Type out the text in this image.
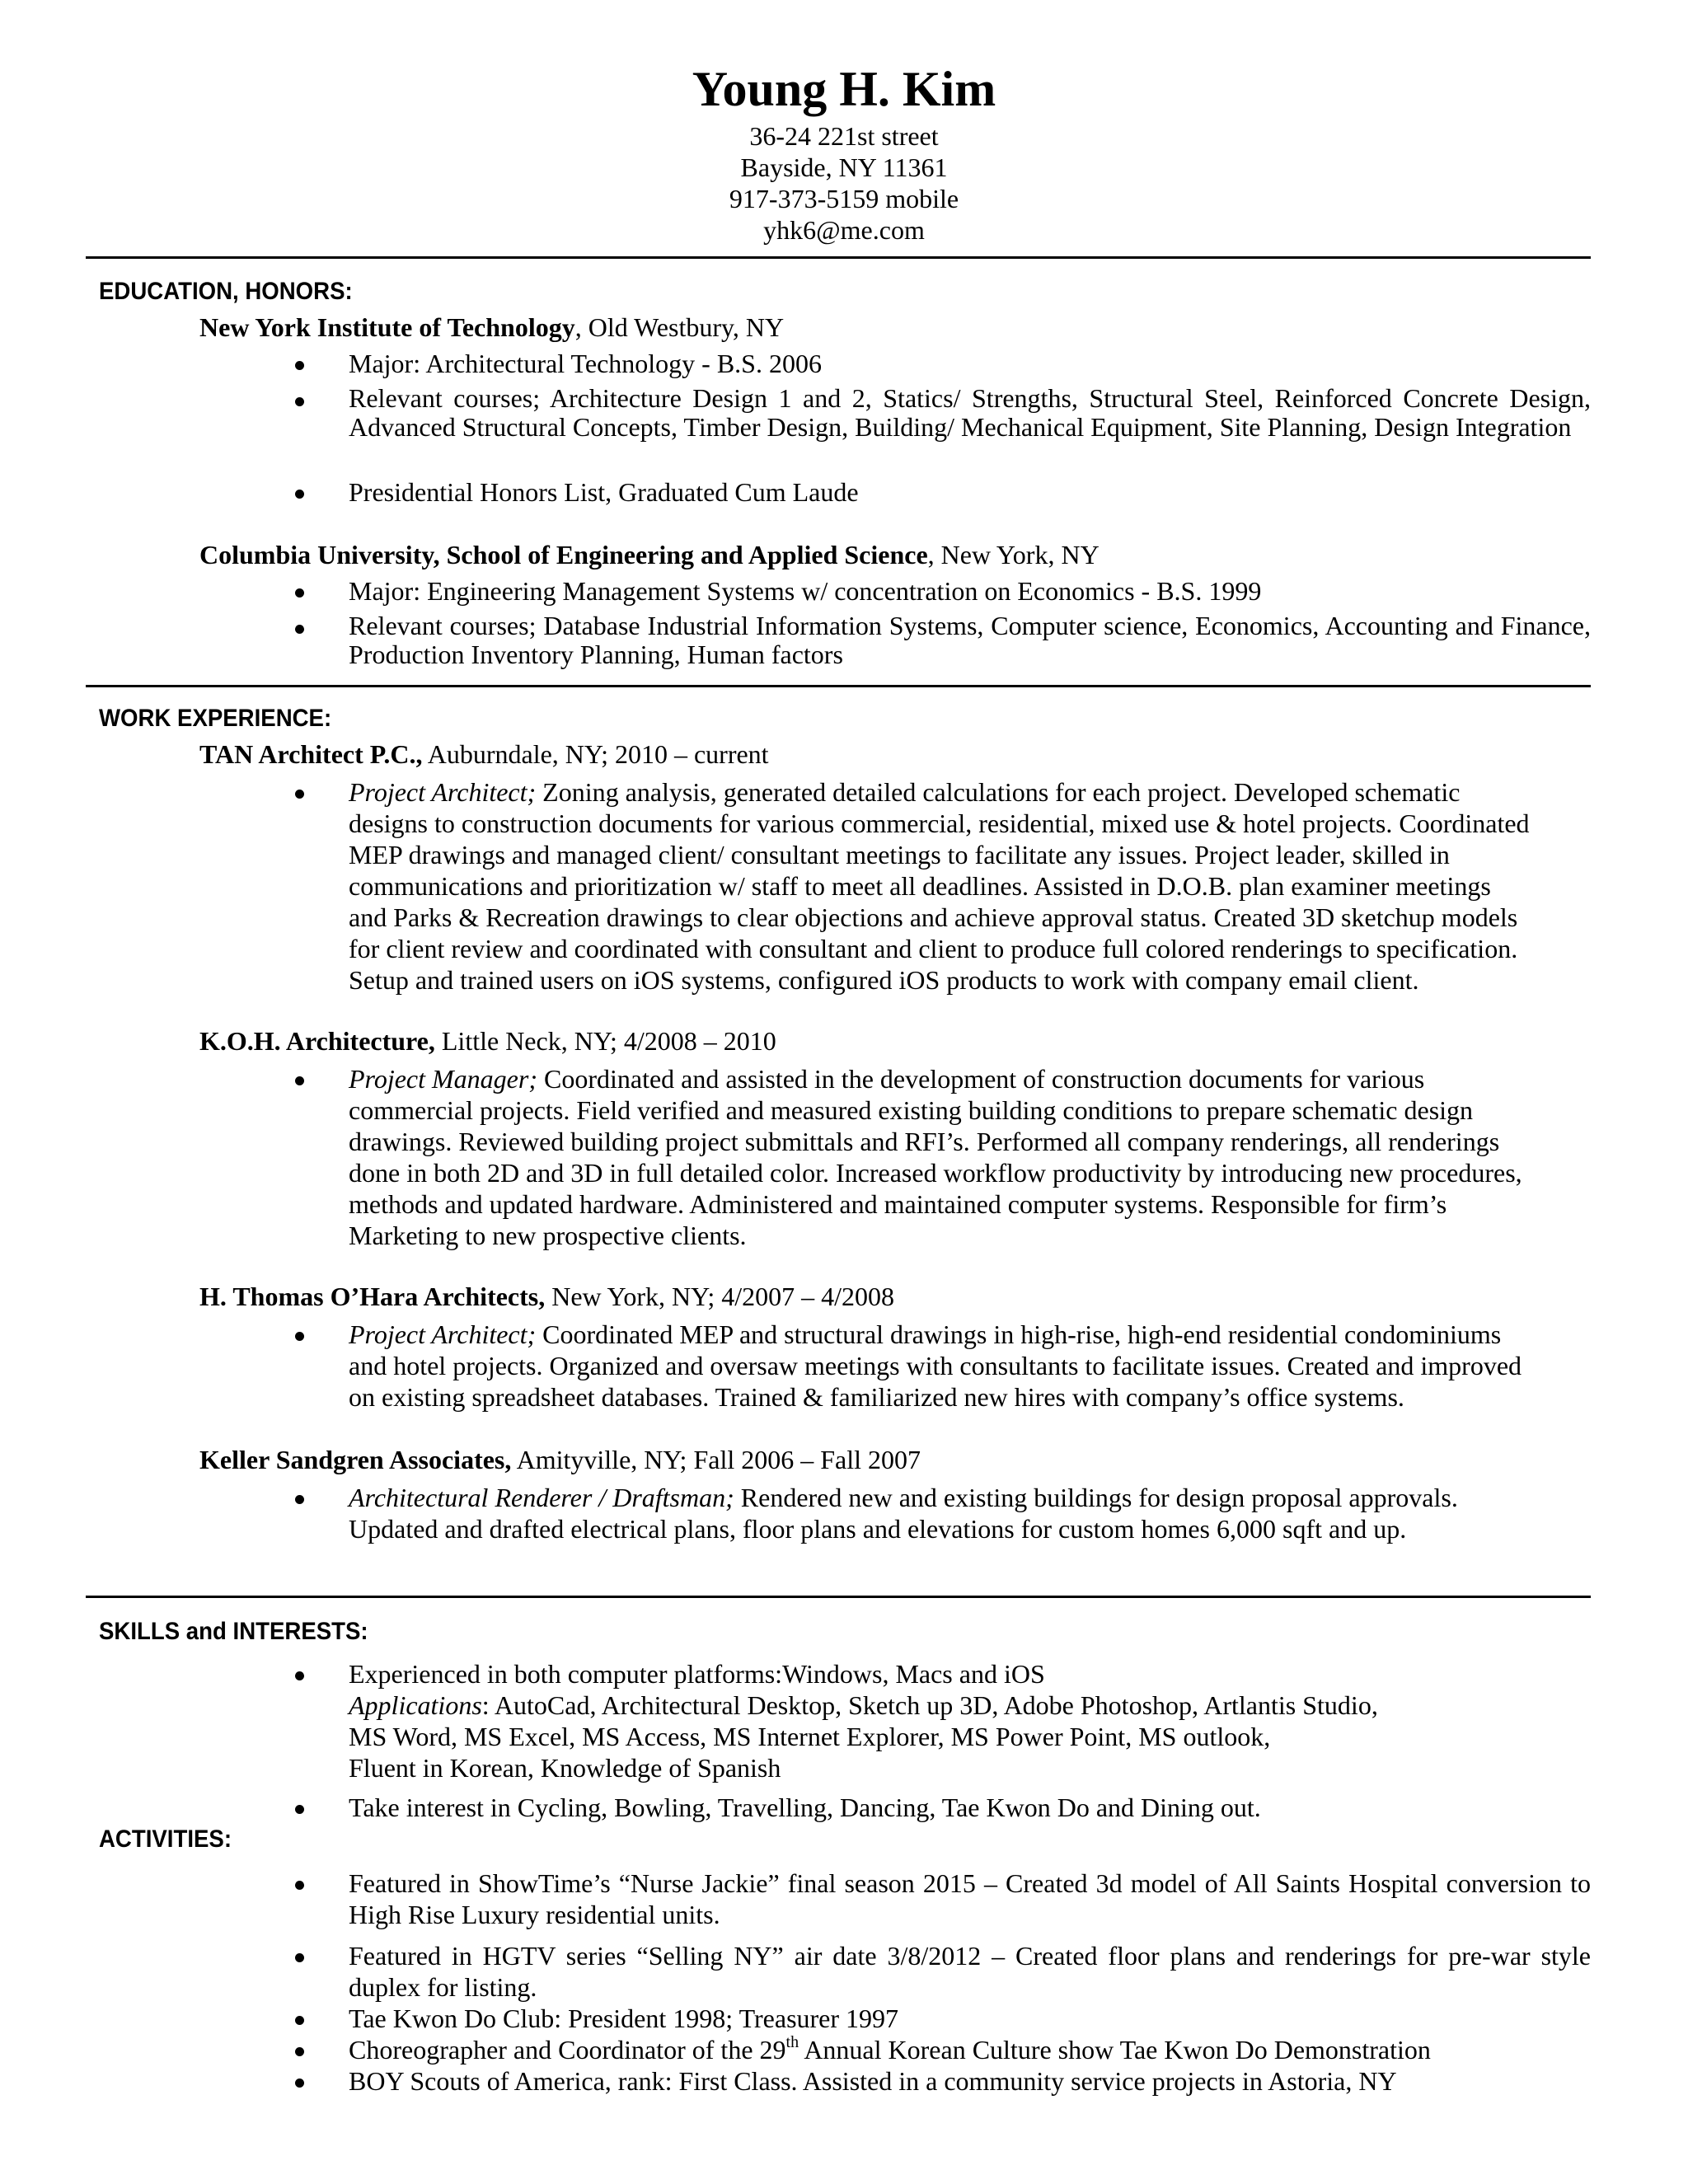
Young H. Kim
36-24 221st street
Bayside, NY 11361
917-373-5159 mobile
yhk6@me.com
EDUCATION, HONORS:
New York Institute of Technology, Old Westbury, NY
Major: Architectural Technology - B.S. 2006
Relevant courses; Architecture Design 1 and 2, Statics/ Strengths, Structural Steel, Reinforced Concrete Design, Advanced Structural Concepts, Timber Design, Building/ Mechanical Equipment, Site Planning, Design Integration
Presidential Honors List, Graduated Cum Laude
Columbia University, School of Engineering and Applied Science, New York, NY
Major: Engineering Management Systems w/ concentration on Economics - B.S. 1999
Relevant courses; Database Industrial Information Systems, Computer science, Economics, Accounting and Finance, Production Inventory Planning, Human factors
WORK EXPERIENCE:
TAN Architect P.C., Auburndale, NY; 2010 – current
Project Architect; Zoning analysis, generated detailed calculations for each project. Developed schematic
designs to construction documents for various commercial, residential, mixed use & hotel projects. Coordinated
MEP drawings and managed client/ consultant meetings to facilitate any issues. Project leader, skilled in
communications and prioritization w/ staff to meet all deadlines. Assisted in D.O.B. plan examiner meetings
and Parks & Recreation drawings to clear objections and achieve approval status. Created 3D sketchup models
for client review and coordinated with consultant and client to produce full colored renderings to specification.
Setup and trained users on iOS systems, configured iOS products to work with company email client.
K.O.H. Architecture, Little Neck, NY; 4/2008 – 2010
Project Manager; Coordinated and assisted in the development of construction documents for various
commercial projects. Field verified and measured existing building conditions to prepare schematic design
drawings. Reviewed building project submittals and RFI’s. Performed all company renderings, all renderings
done in both 2D and 3D in full detailed color. Increased workflow productivity by introducing new procedures,
methods and updated hardware. Administered and maintained computer systems. Responsible for firm’s
Marketing to new prospective clients.
H. Thomas O’Hara Architects, New York, NY; 4/2007 – 4/2008
Project Architect; Coordinated MEP and structural drawings in high-rise, high-end residential condominiums
and hotel projects. Organized and oversaw meetings with consultants to facilitate issues. Created and improved
on existing spreadsheet databases. Trained & familiarized new hires with company’s office systems.
Keller Sandgren Associates, Amityville, NY; Fall 2006 – Fall 2007
Architectural Renderer / Draftsman; Rendered new and existing buildings for design proposal approvals.
Updated and drafted electrical plans, floor plans and elevations for custom homes 6,000 sqft and up.
SKILLS and INTERESTS:
Experienced in both computer platforms:Windows, Macs and iOS
Applications: AutoCad, Architectural Desktop, Sketch up 3D, Adobe Photoshop, Artlantis Studio,
MS Word, MS Excel, MS Access, MS Internet Explorer, MS Power Point, MS outlook,
Fluent in Korean, Knowledge of Spanish
Take interest in Cycling, Bowling, Travelling, Dancing, Tae Kwon Do and Dining out.
ACTIVITIES:
Featured in ShowTime’s “Nurse Jackie” final season 2015 – Created 3d model of All Saints Hospital conversion to High Rise Luxury residential units.
Featured in HGTV series “Selling NY” air date 3/8/2012 – Created floor plans and renderings for pre-war style duplex for listing.
Tae Kwon Do Club: President 1998; Treasurer 1997
Choreographer and Coordinator of the 29th Annual Korean Culture show Tae Kwon Do Demonstration
BOY Scouts of America, rank: First Class. Assisted in a community service projects in Astoria, NY
